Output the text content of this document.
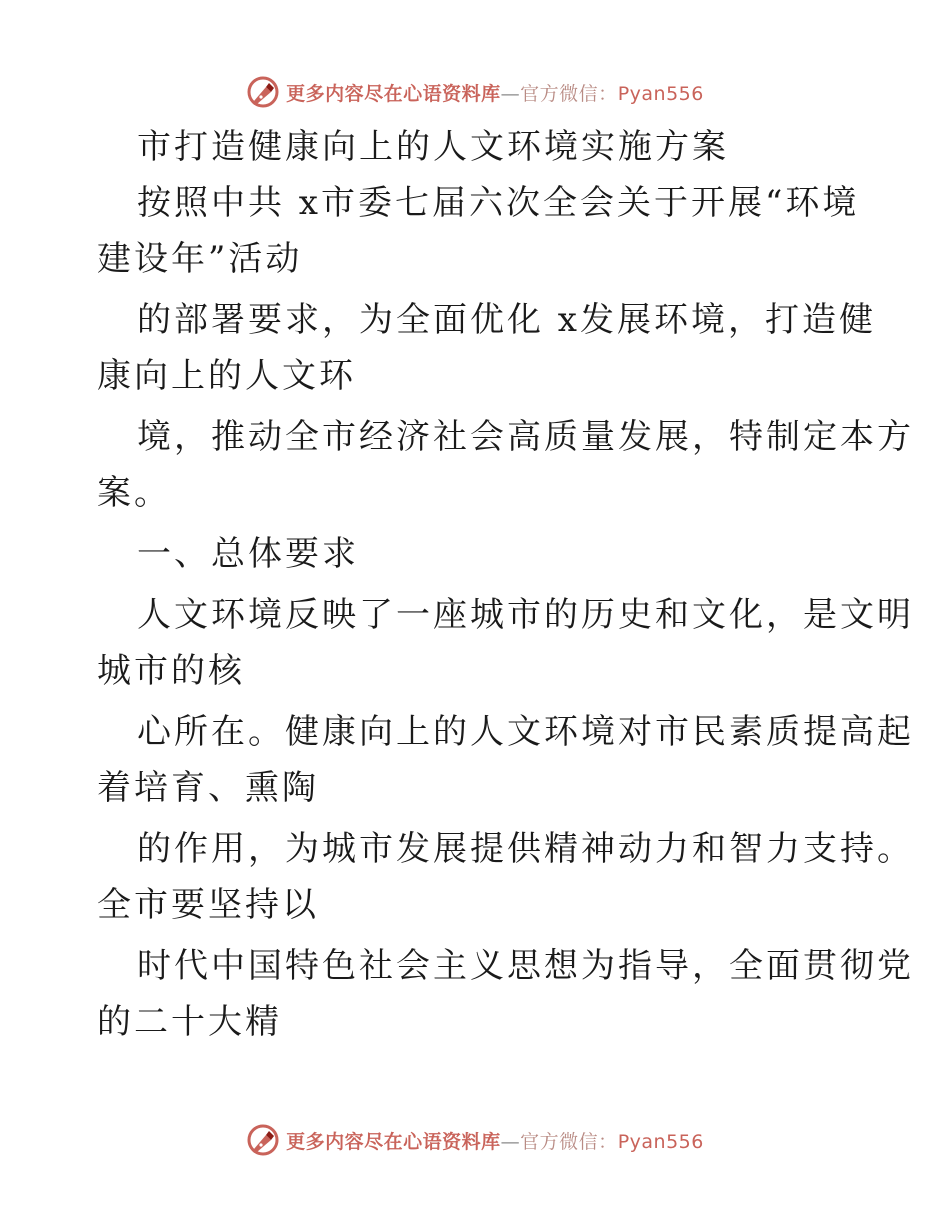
更多内容尽在心语资料库—官方微信：Pyan556
市打造健康向上的人文环境实施方案
按照中共 x市委七届六次全会关于开展“环境
建设年”活动
的部署要求，为全面优化 x发展环境，打造健
康向上的人文环
境，推动全市经济社会高质量发展，特制定本方
案。
一、总体要求
人文环境反映了一座城市的历史和文化，是文明
城市的核
心所在。健康向上的人文环境对市民素质提高起
着培育、熏陶
的作用，为城市发展提供精神动力和智力支持。
全市要坚持以
时代中国特色社会主义思想为指导，全面贯彻党
的二十大精
更多内容尽在心语资料库—官方微信：Pyan556
